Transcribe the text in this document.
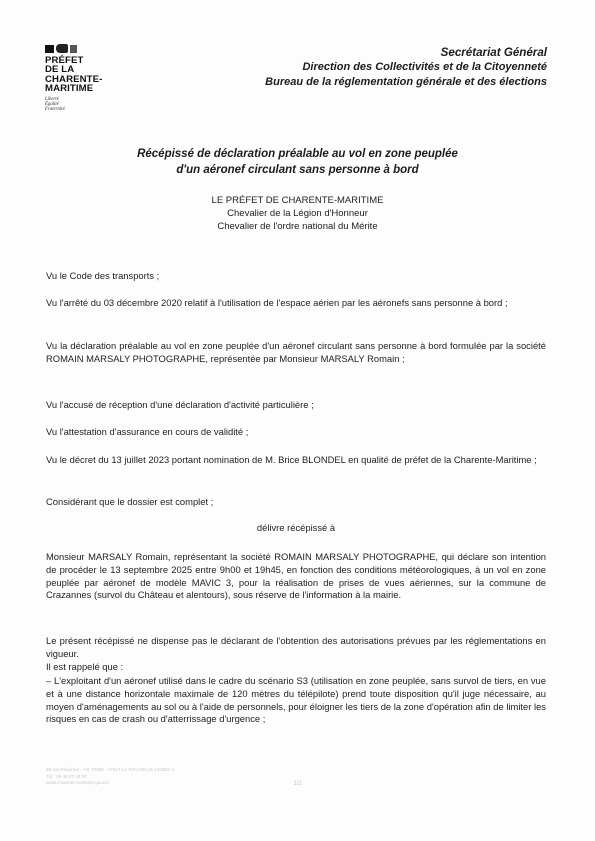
PRÉFET
DE LA
CHARENTE-
MARITIME
Liberté
Égalité
Fraternité
Secrétariat Général
Direction des Collectivités et de la Citoyenneté
Bureau de la réglementation générale et des élections
Récépissé de déclaration préalable au vol en zone peuplée
d'un aéronef circulant sans personne à bord
LE PRÉFET DE CHARENTE-MARITIME
Chevalier de la Légion d'Honneur
Chevalier de l'ordre national du Mérite

Vu le Code des transports ;

Vu l'arrêté du 03 décembre 2020 relatif à l'utilisation de l'espace aérien par les aéronefs sans personne à bord ;

Vu la déclaration préalable au vol en zone peuplée d'un aéronef circulant sans personne à bord formulée par la société ROMAIN MARSALY PHOTOGRAPHE, représentée par Monsieur MARSALY Romain ;

Vu l'accusé de réception d'une déclaration d'activité particulière ;

Vu l'attestation d'assurance en cours de validité ;

Vu le décret du 13 juillet 2023 portant nomination de M. Brice BLONDEL en qualité de préfet de la Charente-Maritime ;

Considérant que le dossier est complet ;

délivre récépissé à

Monsieur MARSALY Romain, représentant la société ROMAIN MARSALY PHOTOGRAPHE, qui déclare son intention de procéder le 13 septembre 2025 entre 9h00 et 19h45, en fonction des conditions météorologiques, à un vol en zone peuplée par aéronef de modèle MAVIC 3, pour la réalisation de prises de vues aériennes, sur la commune de Crazannes (survol du Château et alentours), sous réserve de l'information à la mairie.

Le présent récépissé ne dispense pas le déclarant de l'obtention des autorisations prévues par les réglementations en vigueur.

Il est rappelé que :

– L'exploitant d'un aéronef utilisé dans le cadre du scénario S3 (utilisation en zone peuplée, sans survol de tiers, en vue et à une distance horizontale maximale de 120 mètres du télépilote) prend toute disposition qu'il juge nécessaire, au moyen d'aménagements au sol ou à l'aide de personnels, pour éloigner les tiers de la zone d'opération afin de limiter les risques en cas de crash ou d'atterrissage d'urgence ;

38 rue Réaumur - CS 70000 - 17017 LA ROCHELLE CEDEX 1
Tél : 05 46 27 43 00
www.charente-maritime.gouv.fr	1/2
